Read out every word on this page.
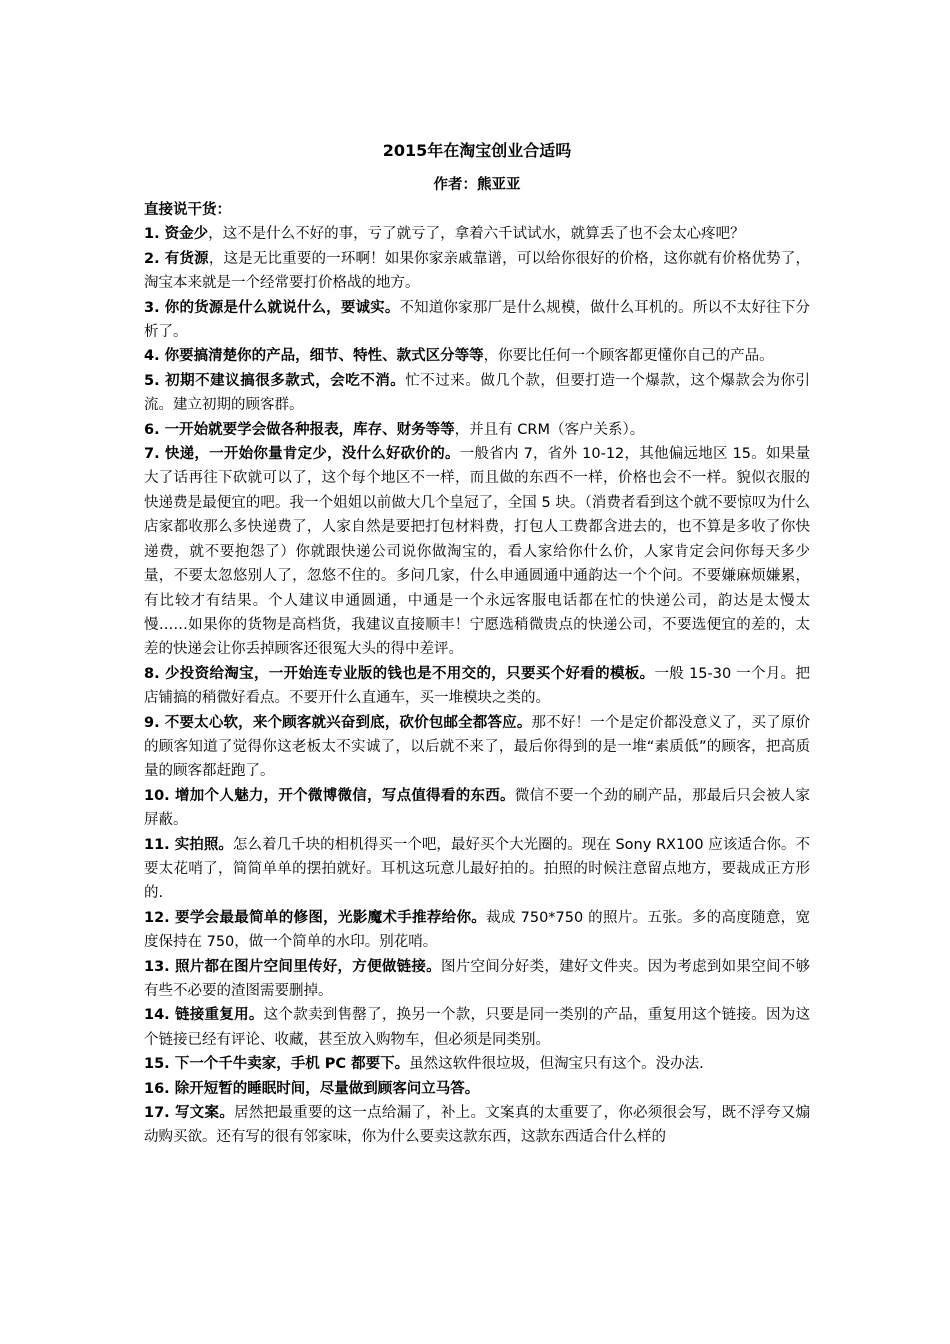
2015年在淘宝创业合适吗
作者：熊亚亚
直接说干货：

1. 资金少，这不是什么不好的事，亏了就亏了，拿着六千试试水，就算丢了也不会太心疼吧？

2. 有货源，这是无比重要的一环啊！如果你家亲戚靠谱，可以给你很好的价格，这你就有价格优势了，淘宝本来就是一个经常要打价格战的地方。

3. 你的货源是什么就说什么，要诚实。不知道你家那厂是什么规模，做什么耳机的。所以不太好往下分析了。

4. 你要搞清楚你的产品，细节、特性、款式区分等等，你要比任何一个顾客都更懂你自己的产品。

5. 初期不建议搞很多款式，会吃不消。忙不过来。做几个款，但要打造一个爆款，这个爆款会为你引流。建立初期的顾客群。

6. 一开始就要学会做各种报表，库存、财务等等，并且有 CRM（客户关系）。

7. 快递，一开始你量肯定少，没什么好砍价的。一般省内 7，省外 10-12，其他偏远地区 15。如果量大了话再往下砍就可以了，这个每个地区不一样，而且做的东西不一样，价格也会不一样。貌似衣服的快递费是最便宜的吧。我一个姐姐以前做大几个皇冠了，全国 5 块。（消费者看到这个就不要惊叹为什么店家都收那么多快递费了，人家自然是要把打包材料费，打包人工费都含进去的，也不算是多收了你快递费，就不要抱怨了）你就跟快递公司说你做淘宝的，看人家给你什么价，人家肯定会问你每天多少量，不要太忽悠别人了，忽悠不住的。多问几家，什么申通圆通中通韵达一个个问。不要嫌麻烦嫌累，有比较才有结果。个人建议申通圆通，中通是一个永远客服电话都在忙的快递公司，韵达是太慢太慢……如果你的货物是高档货，我建议直接顺丰！宁愿选稍微贵点的快递公司，不要选便宜的差的，太差的快递会让你丢掉顾客还很冤大头的得中差评。

8. 少投资给淘宝，一开始连专业版的钱也是不用交的，只要买个好看的模板。一般 15-30 一个月。把店铺搞的稍微好看点。不要开什么直通车，买一堆模块之类的。

9. 不要太心软，来个顾客就兴奋到底，砍价包邮全都答应。那不好！一个是定价都没意义了，买了原价的顾客知道了觉得你这老板太不实诚了，以后就不来了，最后你得到的是一堆“素质低”的顾客，把高质量的顾客都赶跑了。

10. 增加个人魅力，开个微博微信，写点值得看的东西。微信不要一个劲的刷产品，那最后只会被人家屏蔽。

11. 实拍照。怎么着几千块的相机得买一个吧，最好买个大光圈的。现在 Sony RX100 应该适合你。不要太花哨了，简简单单的摆拍就好。耳机这玩意儿最好拍的。拍照的时候注意留点地方，要裁成正方形的.

12. 要学会最最简单的修图，光影魔术手推荐给你。裁成 750*750 的照片。五张。多的高度随意，宽度保持在 750，做一个简单的水印。别花哨。

13. 照片都在图片空间里传好，方便做链接。图片空间分好类，建好文件夹。因为考虑到如果空间不够有些不必要的渣图需要删掉。

14. 链接重复用。这个款卖到售罄了，换另一个款，只要是同一类别的产品，重复用这个链接。因为这个链接已经有评论、收藏，甚至放入购物车，但必须是同类别。

15. 下一个千牛卖家，手机 PC 都要下。虽然这软件很垃圾，但淘宝只有这个。没办法.

16. 除开短暂的睡眠时间，尽量做到顾客问立马答。

17. 写文案。居然把最重要的这一点给漏了，补上。文案真的太重要了，你必须很会写，既不浮夸又煽动购买欲。还有写的很有邻家味，你为什么要卖这款东西，这款东西适合什么样的
